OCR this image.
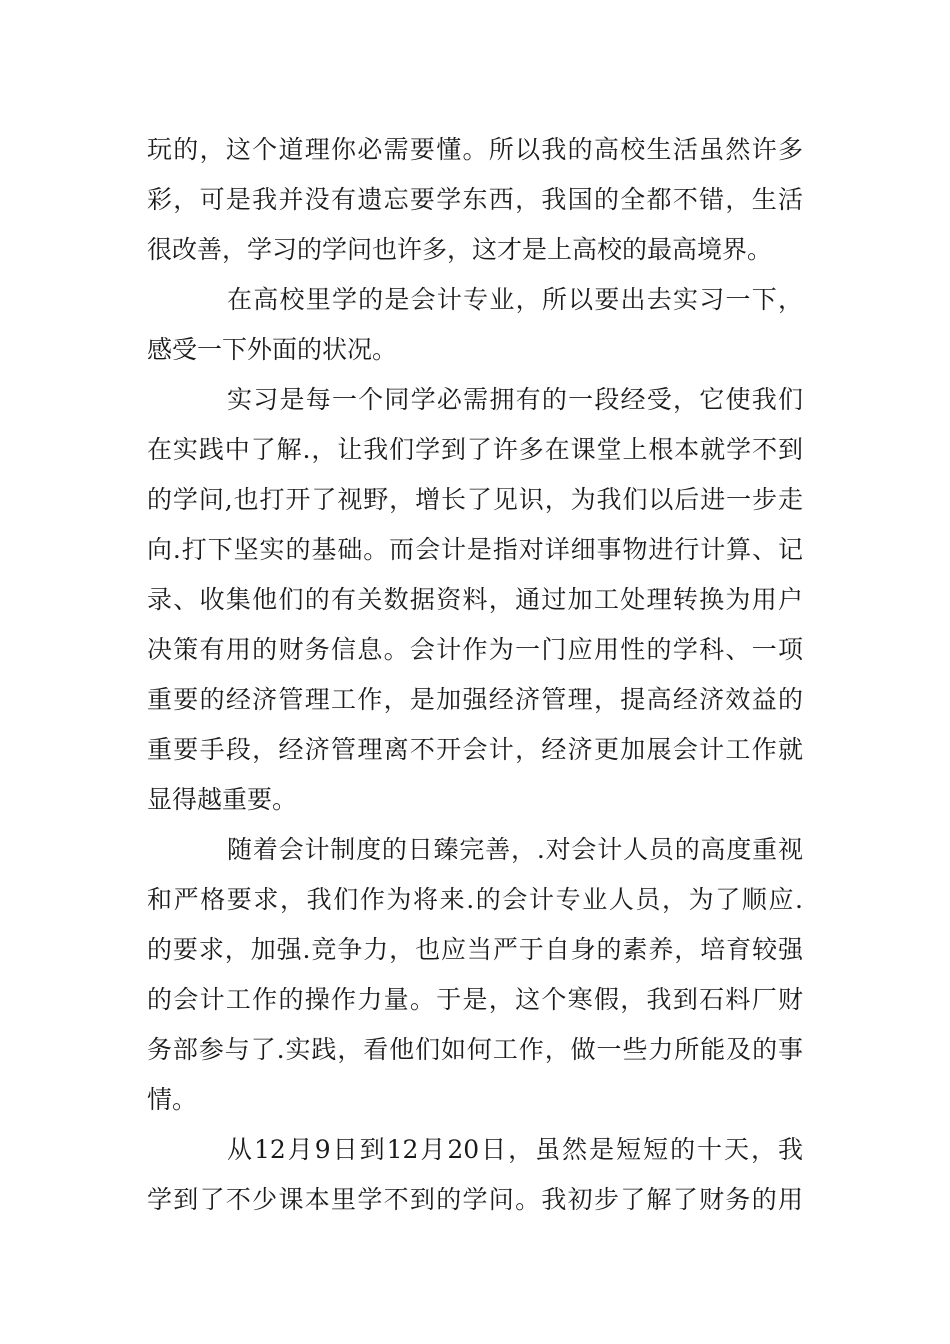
玩的，这个道理你必需要懂。所以我的高校生活虽然许多
彩，可是我并没有遗忘要学东西，我国的全都不错，生活
很改善，学习的学问也许多，这才是上高校的最高境界。
在高校里学的是会计专业，所以要出去实习一下，
感受一下外面的状况。
实习是每一个同学必需拥有的一段经受，它使我们
在实践中了解.，让我们学到了许多在课堂上根本就学不到
的学问,也打开了视野，增长了见识，为我们以后进一步走
向.打下坚实的基础。而会计是指对详细事物进行计算、记
录、收集他们的有关数据资料，通过加工处理转换为用户
决策有用的财务信息。会计作为一门应用性的学科、一项
重要的经济管理工作，是加强经济管理，提高经济效益的
重要手段，经济管理离不开会计，经济更加展会计工作就
显得越重要。
随着会计制度的日臻完善，.对会计人员的高度重视
和严格要求，我们作为将来.的会计专业人员，为了顺应.
的要求，加强.竞争力，也应当严于自身的素养，培育较强
的会计工作的操作力量。于是，这个寒假，我到石料厂财
务部参与了.实践，看他们如何工作，做一些力所能及的事
情。
从12月9日到12月20日，虽然是短短的十天，我
学到了不少课本里学不到的学问。我初步了解了财务的用
